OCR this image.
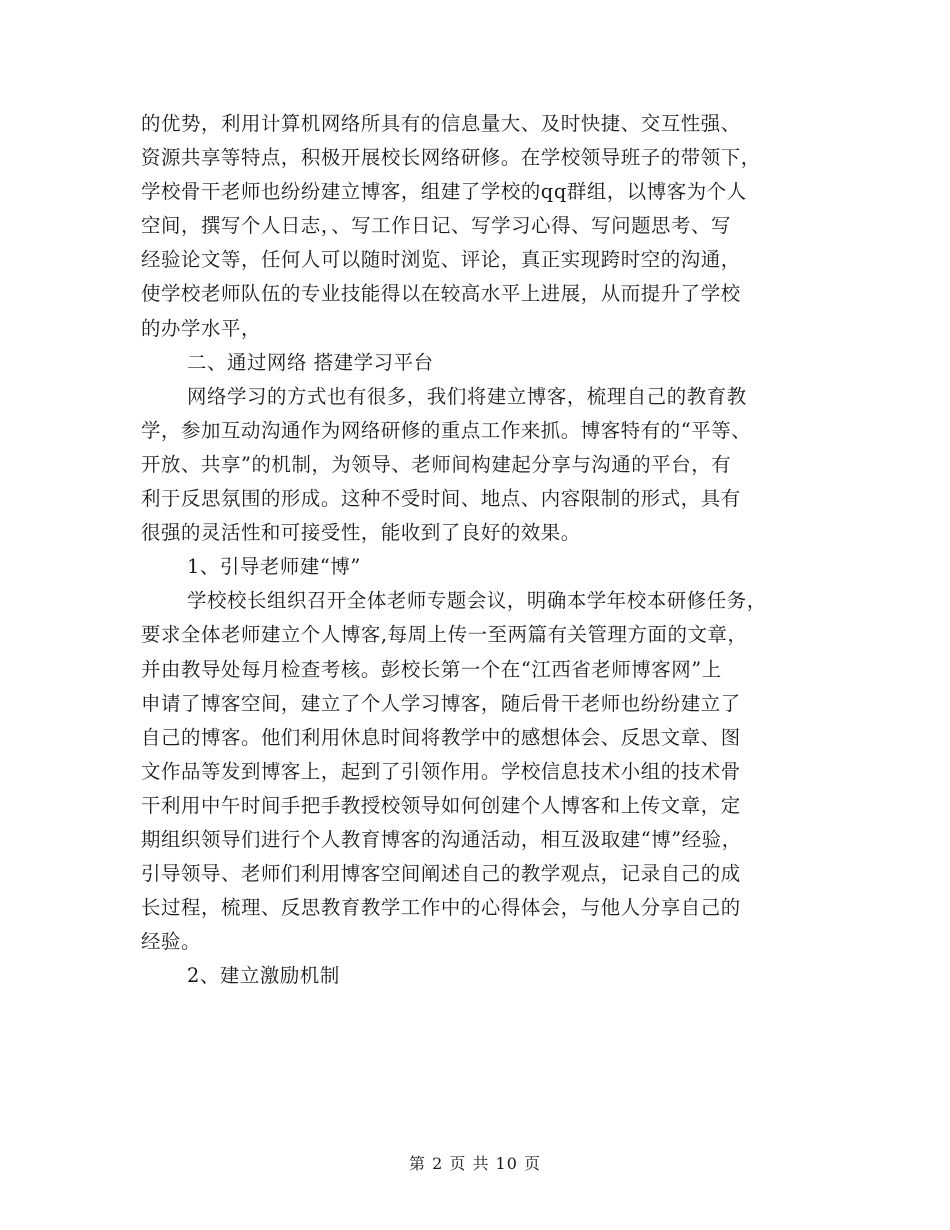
的优势，利用计算机网络所具有的信息量大、及时快捷、交互性强、
资源共享等特点，积极开展校长网络研修。在学校领导班子的带领下，
学校骨干老师也纷纷建立博客，组建了学校的qq群组，以博客为个人
空间，撰写个人日志，、写工作日记、写学习心得、写问题思考、写
经验论文等，任何人可以随时浏览、评论，真正实现跨时空的沟通，
使学校老师队伍的专业技能得以在较高水平上进展，从而提升了学校
的办学水平，
二、通过网络 搭建学习平台
网络学习的方式也有很多，我们将建立博客，梳理自己的教育教
学，参加互动沟通作为网络研修的重点工作来抓。博客特有的“平等、
开放、共享”的机制，为领导、老师间构建起分享与沟通的平台，有
利于反思氛围的形成。这种不受时间、地点、内容限制的形式，具有
很强的灵活性和可接受性，能收到了良好的效果。
1、引导老师建“博”
学校校长组织召开全体老师专题会议，明确本学年校本研修任务，
要求全体老师建立个人博客,每周上传一至两篇有关管理方面的文章，
并由教导处每月检查考核。彭校长第一个在“江西省老师博客网”上
申请了博客空间，建立了个人学习博客，随后骨干老师也纷纷建立了
自己的博客。他们利用休息时间将教学中的感想体会、反思文章、图
文作品等发到博客上，起到了引领作用。学校信息技术小组的技术骨
干利用中午时间手把手教授校领导如何创建个人博客和上传文章，定
期组织领导们进行个人教育博客的沟通活动，相互汲取建“博”经验，
引导领导、老师们利用博客空间阐述自己的教学观点，记录自己的成
长过程，梳理、反思教育教学工作中的心得体会，与他人分享自己的
经验。
2、建立激励机制
第 2 页 共 10 页
